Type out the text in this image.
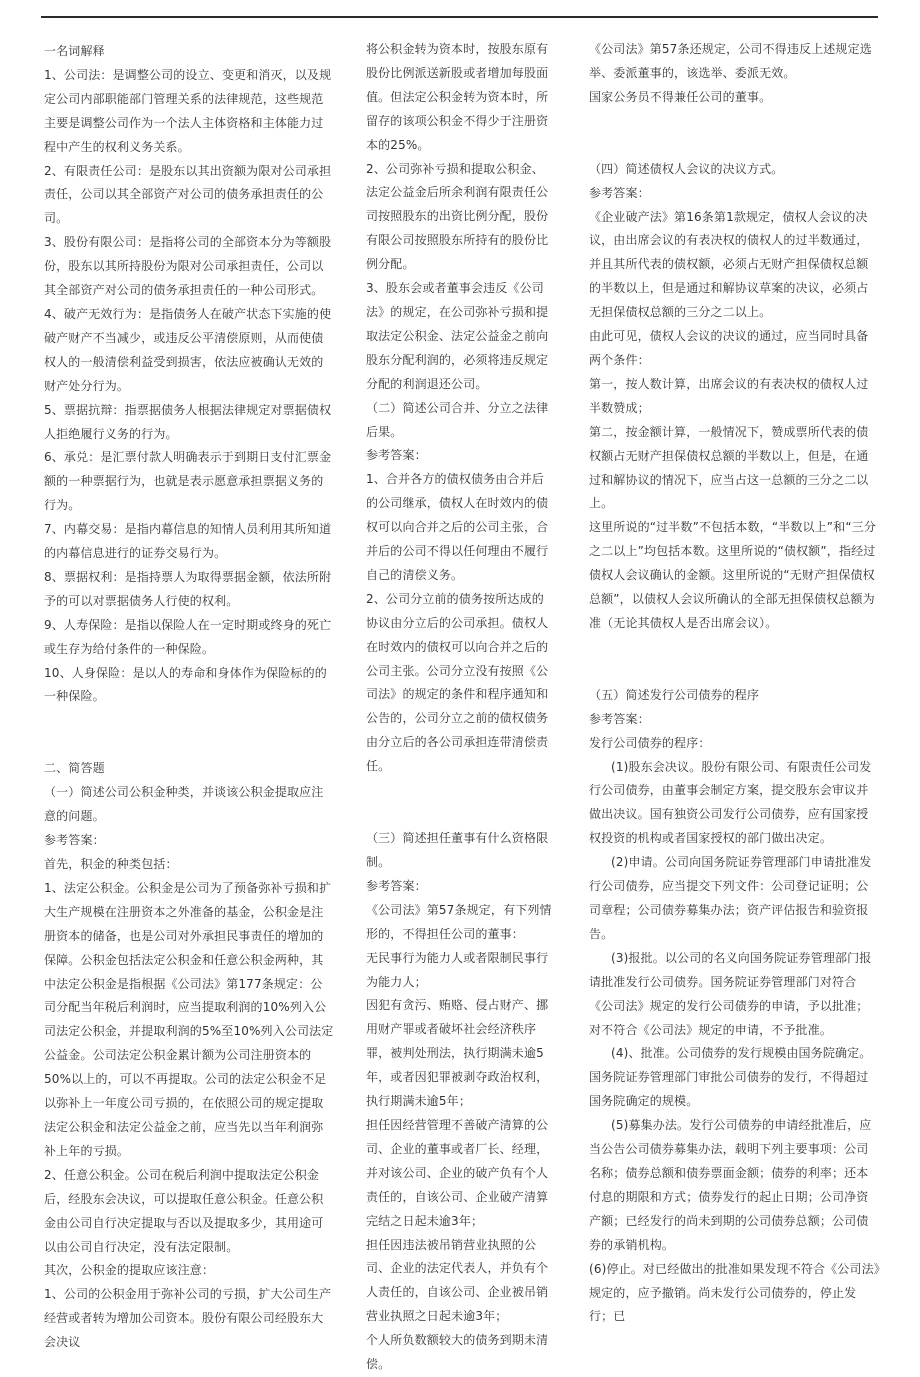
一名词解释

1、公司法：是调整公司的设立、变更和消灭，以及规定公司内部职能部门管理关系的法律规范，这些规范主要是调整公司作为一个法人主体资格和主体能力过程中产生的权利义务关系。

2、有限责任公司：是股东以其出资额为限对公司承担责任，公司以其全部资产对公司的债务承担责任的公司。

3、股份有限公司：是指将公司的全部资本分为等额股份，股东以其所持股份为限对公司承担责任，公司以其全部资产对公司的债务承担责任的一种公司形式。

4、破产无效行为：是指债务人在破产状态下实施的使破产财产不当减少，或违反公平清偿原则，从而使债权人的一般清偿利益受到损害，依法应被确认无效的财产处分行为。

5、票据抗辩：指票据债务人根据法律规定对票据债权人拒绝履行义务的行为。

6、承兑：是汇票付款人明确表示于到期日支付汇票金额的一种票据行为，也就是表示愿意承担票据义务的行为。

7、内幕交易：是指内幕信息的知情人员利用其所知道的内幕信息进行的证券交易行为。

8、票据权利：是指持票人为取得票据金额，依法所附予的可以对票据债务人行使的权利。

9、人寿保险：是指以保险人在一定时期或终身的死亡或生存为给付条件的一种保险。

10、人身保险：是以人的寿命和身体作为保险标的的一种保险。

二、简答题

（一）简述公司公积金种类，并谈该公积金提取应注意的问题。

参考答案：

首先，积金的种类包括：

1、法定公积金。公积金是公司为了预备弥补亏损和扩大生产规模在注册资本之外准备的基金，公积金是注册资本的储备，也是公司对外承担民事责任的增加的保障。公积金包括法定公积金和任意公积金两种，其中法定公积金是指根据《公司法》第177条规定：公司分配当年税后利润时，应当提取利润的10%列入公司法定公积金，并提取利润的5%至10%列入公司法定公益金。公司法定公积金累计额为公司注册资本的50%以上的，可以不再提取。公司的法定公积金不足以弥补上一年度公司亏损的，在依照公司的规定提取法定公积金和法定公益金之前，应当先以当年利润弥补上年的亏损。

2、任意公积金。公司在税后利润中提取法定公积金后，经股东会决议，可以提取任意公积金。任意公积金由公司自行决定提取与否以及提取多少，其用途可以由公司自行决定，没有法定限制。

其次，公积金的提取应该注意：

1、公司的公积金用于弥补公司的亏损，扩大公司生产经营或者转为增加公司资本。股份有限公司经股东大会决议

将公积金转为资本时，按股东原有股份比例派送新股或者增加每股面值。但法定公积金转为资本时，所留存的该项公积金不得少于注册资本的25%。

2、公司弥补亏损和提取公积金、法定公益金后所余利润有限责任公司按照股东的出资比例分配，股份有限公司按照股东所持有的股份比例分配。

3、股东会或者董事会违反《公司法》的规定，在公司弥补亏损和提取法定公积金、法定公益金之前向股东分配利润的，必须将违反规定分配的利润退还公司。

（二）简述公司合并、分立之法律后果。

参考答案：

1、合并各方的债权债务由合并后的公司继承，债权人在时效内的债权可以向合并之后的公司主张，合并后的公司不得以任何理由不履行自己的清偿义务。

2、公司分立前的债务按所达成的协议由分立后的公司承担。债权人在时效内的债权可以向合并之后的公司主张。公司分立没有按照《公司法》的规定的条件和程序通知和公告的，公司分立之前的债权债务由分立后的各公司承担连带清偿责任。

（三）简述担任董事有什么资格限制。

参考答案：

《公司法》第57条规定，有下列情形的，不得担任公司的董事：

无民事行为能力人或者限制民事行为能力人；

因犯有贪污、贿赂、侵占财产、挪用财产罪或者破坏社会经济秩序罪，被判处刑法，执行期满未逾5年，或者因犯罪被剥夺政治权利，执行期满未逾5年；

担任因经营管理不善破产清算的公司、企业的董事或者厂长、经理，并对该公司、企业的破产负有个人责任的，自该公司、企业破产清算完结之日起未逾3年；

担任因违法被吊销营业执照的公司、企业的法定代表人，并负有个人责任的，自该公司、企业被吊销营业执照之日起未逾3年；

个人所负数额较大的债务到期未清偿。

《公司法》第57条还规定，公司不得违反上述规定选举、委派董事的，该选举、委派无效。

国家公务员不得兼任公司的董事。

（四）简述债权人会议的决议方式。

参考答案：

《企业破产法》第16条第1款规定，债权人会议的决议，由出席会议的有表决权的债权人的过半数通过，并且其所代表的债权额，必须占无财产担保债权总额的半数以上，但是通过和解协议草案的决议，必须占无担保债权总额的三分之二以上。

由此可见，债权人会议的决议的通过，应当同时具备两个条件：

第一，按人数计算，出席会议的有表决权的债权人过半数赞成；

第二，按金额计算，一般情况下，赞成票所代表的债权额占无财产担保债权总额的半数以上，但是，在通过和解协议的情况下，应当占这一总额的三分之二以上。

这里所说的“过半数”不包括本数，“半数以上”和“三分之二以上”均包括本数。这里所说的“债权额”，指经过债权人会议确认的金额。这里所说的“无财产担保债权总额”，以债权人会议所确认的全部无担保债权总额为准（无论其债权人是否出席会议）。

（五）简述发行公司债券的程序

参考答案：

发行公司债券的程序：

(1)股东会决议。股份有限公司、有限责任公司发行公司债券，由董事会制定方案，提交股东会审议并做出决议。国有独资公司发行公司债券，应有国家授权投资的机构或者国家授权的部门做出决定。

(2)申请。公司向国务院证券管理部门申请批准发行公司债券，应当提交下列文件：公司登记证明；公司章程；公司债券募集办法；资产评估报告和验资报告。

(3)报批。以公司的名义向国务院证券管理部门报请批准发行公司债券。国务院证券管理部门对符合《公司法》规定的发行公司债券的申请，予以批准；对不符合《公司法》规定的申请，不予批准。

(4)、批准。公司债券的发行规模由国务院确定。国务院证券管理部门审批公司债券的发行，不得超过国务院确定的规模。

(5)募集办法。发行公司债券的申请经批准后，应当公告公司债券募集办法，载明下列主要事项：公司名称；债券总额和债券票面金额；债券的利率；还本付息的期限和方式；债券发行的起止日期；公司净资产额；已经发行的尚未到期的公司债券总额；公司债券的承销机构。

(6)停止。对已经做出的批准如果发现不符合《公司法》规定的，应予撤销。尚未发行公司债券的，停止发行；已
